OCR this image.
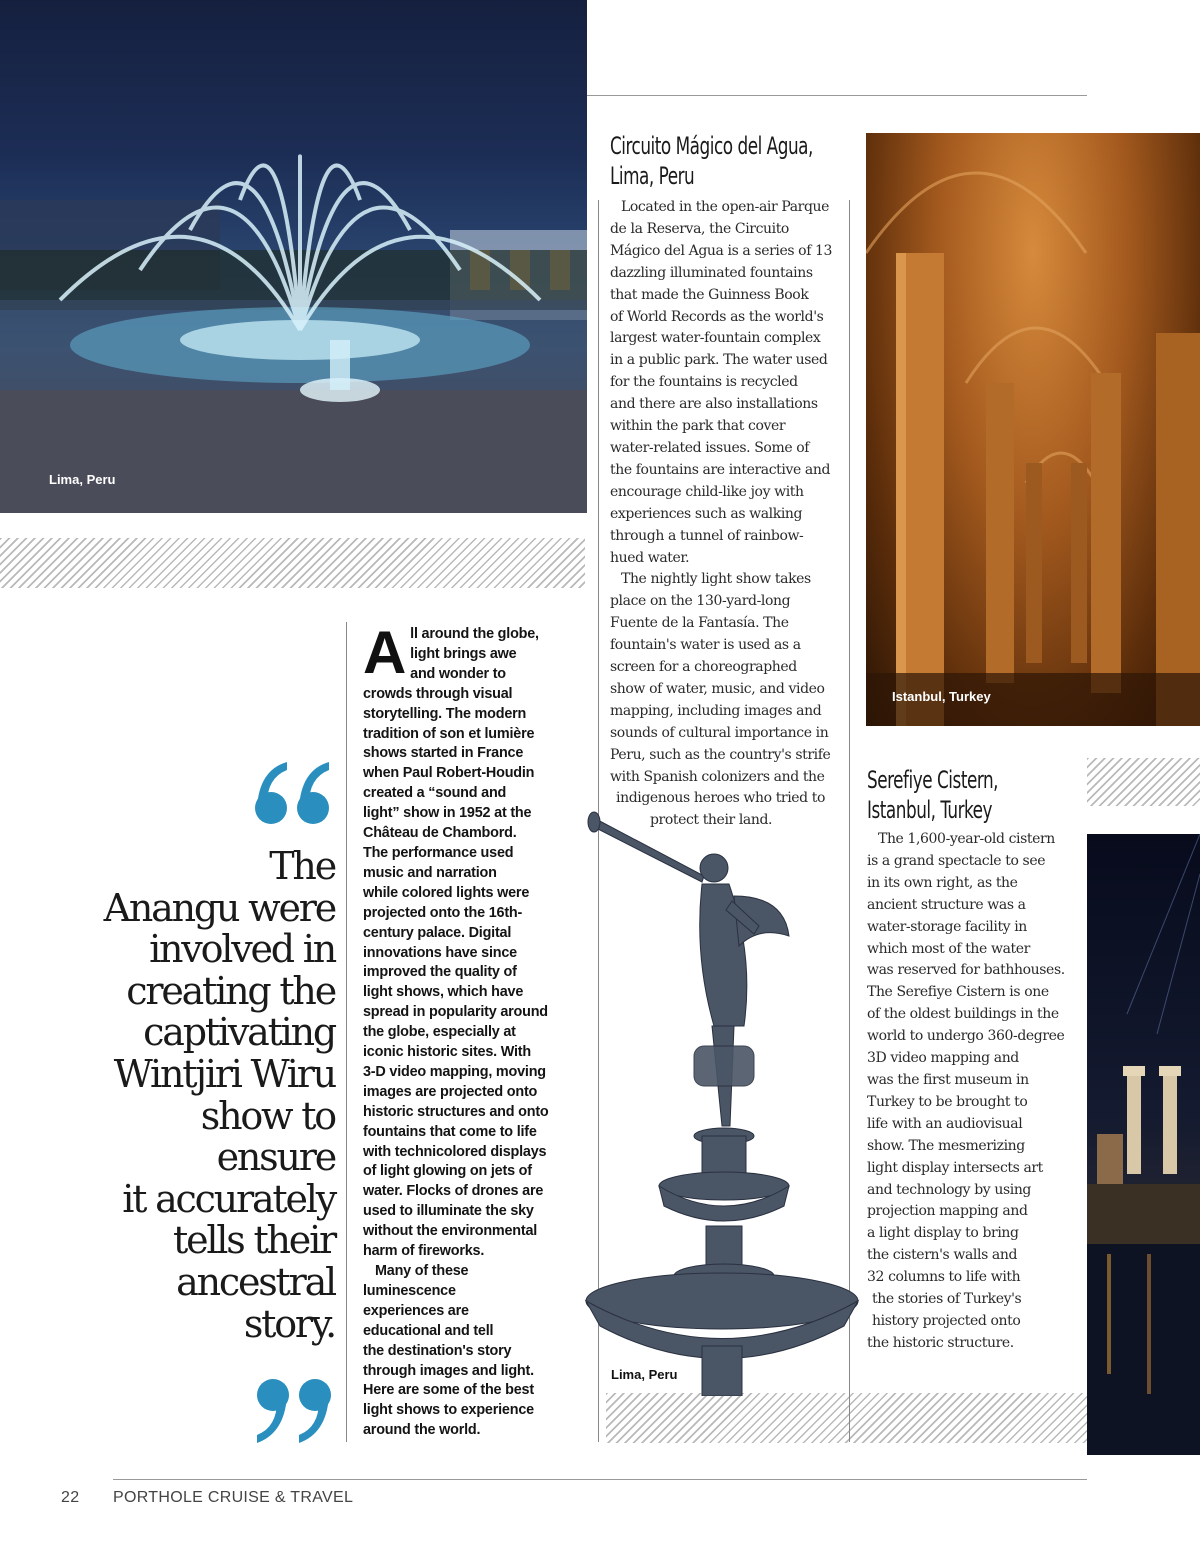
Lima, Peru
Istanbul, Turkey
Circuito Mágico del Agua,
Lima, Peru
Located in the open-air Parque
de la Reserva, the Circuito
Mágico del Agua is a series of 13
dazzling illuminated fountains
that made the Guinness Book
of World Records as the world's
largest water-fountain complex
in a public park. The water used
for the fountains is recycled
and there are also installations
within the park that cover
water-related issues. Some of
the fountains are interactive and
encourage child-like joy with
experiences such as walking
through a tunnel of rainbow-
hued water.
The nightly light show takes
place on the 130-yard-long
Fuente de la Fantasía. The
fountain's water is used as a
screen for a choreographed
show of water, music, and video
mapping, including images and
sounds of cultural importance in
Peru, such as the country's strife
with Spanish colonizers and the
indigenous heroes who tried to
protect their land.
Lima, Peru
Serefiye Cistern,
Istanbul, Turkey
The 1,600-year-old cistern
is a grand spectacle to see
in its own right, as the
ancient structure was a
water-storage facility in
which most of the water
was reserved for bathhouses.
The Serefiye Cistern is one
of the oldest buildings in the
world to undergo 360-degree
3D video mapping and
was the first museum in
Turkey to be brought to
life with an audiovisual
show. The mesmerizing
light display intersects art
and technology by using
projection mapping and
a light display to bring
the cistern's walls and
32 columns to life with
the stories of Turkey's
history projected onto
the historic structure.
A ll around the globe,
light brings awe
and wonder to
crowds through visual
storytelling. The modern
tradition of son et lumière
shows started in France
when Paul Robert-Houdin
created a “sound and
light” show in 1952 at the
Château de Chambord.
The performance used
music and narration
while colored lights were
projected onto the 16th-
century palace. Digital
innovations have since
improved the quality of
light shows, which have
spread in popularity around
the globe, especially at
iconic historic sites. With
3-D video mapping, moving
images are projected onto
historic structures and onto
fountains that come to life
with technicolored displays
of light glowing on jets of
water. Flocks of drones are
used to illuminate the sky
without the environmental
harm of fireworks.
Many of these
luminescence
experiences are
educational and tell
the destination's story
through images and light.
Here are some of the best
light shows to experience
around the world.
The
Anangu were
involved in
creating the
captivating
Wintjiri Wiru
show to
ensure
it accurately
tells their
ancestral
story.
22 PORTHOLE CRUISE & TRAVEL
